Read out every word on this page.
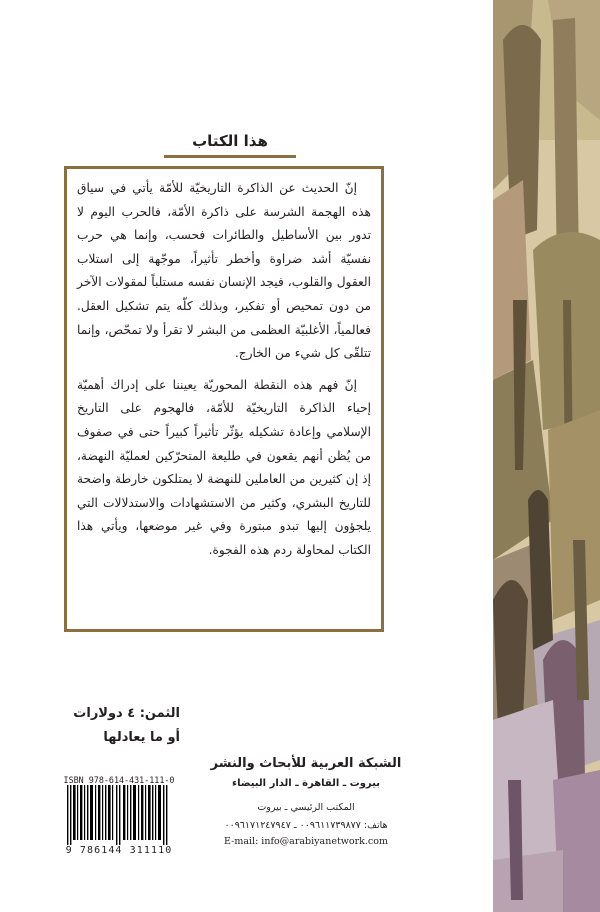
هذا الكتاب

إنّ الحديث عن الذاكرة التاريخيّة للأمّة يأتي في سياق هذه الهجمة الشرسة على ذاكرة الأمّة، فالحرب اليوم لا تدور بين الأساطيل والطائرات فحسب، وإنما هي حرب نفسيّة أشد ضراوة وأخطر تأثيراً، موجّهة إلى استلاب العقول والقلوب، فيجد الإنسان نفسه مستلباً لمقولات الآخر من دون تمحيص أو تفكير، وبذلك كلّه يتم تشكيل العقل. فعالمياً، الأغلبيّة العظمى من البشر لا تقرأ ولا تمحّص، وإنما تتلقّى كل شيء من الخارج.

إنّ فهم هذه النقطة المحوريّة يعيننا على إدراك أهميّة إحياء الذاكرة التاريخيّة للأمّة، فالهجوم على التاريخ الإسلامي وإعادة تشكيله يؤثّر تأثيراً كبيراً حتى في صفوف من يُظن أنهم يقعون في طليعة المتحرّكين لعمليّة النهضة، إذ إن كثيرين من العاملين للنهضة لا يمتلكون خارطة واضحة للتاريخ البشري، وكثير من الاستشهادات والاستدلالات التي يلجؤون إليها تبدو مبتورة وفي غير موضعها، ويأتي هذا الكتاب لمحاولة ردم هذه الفجوة.

الثمن: ٤ دولارات
أو ما يعادلها
ISBN 978-614-431-111-0
9 786144 311110
الشبكة العربية للأبحاث والنشر
بيروت ـ القاهرة ـ الدار البيضاء
المكتب الرئيسي ـ بيروت
هاتف: ٠٠٩٦١١٧٣٩٨٧٧ ـ ٠٠٩٦١٧١٢٤٧٩٤٧
E-mail: info@arabiyanetwork.com
